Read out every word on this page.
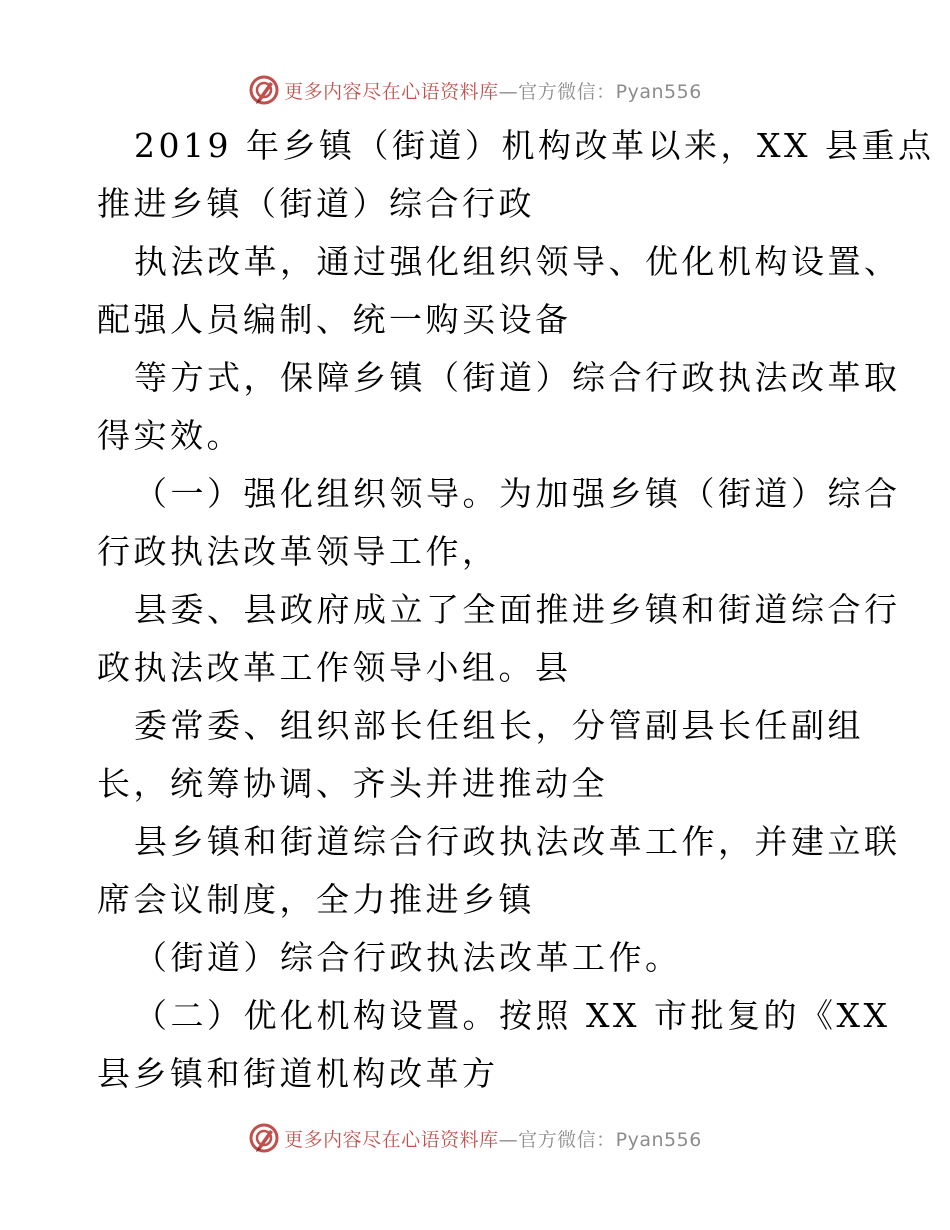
更多内容尽在心语资料库—官方微信：Pyan556
2019 年乡镇（街道）机构改革以来，XX 县重点
推进乡镇（街道）综合行政
执法改革，通过强化组织领导、优化机构设置、
配强人员编制、统一购买设备
等方式，保障乡镇（街道）综合行政执法改革取
得实效。
（一）强化组织领导。为加强乡镇（街道）综合
行政执法改革领导工作，
县委、县政府成立了全面推进乡镇和街道综合行
政执法改革工作领导小组。县
委常委、组织部长任组长，分管副县长任副组
长，统筹协调、齐头并进推动全
县乡镇和街道综合行政执法改革工作，并建立联
席会议制度，全力推进乡镇
（街道）综合行政执法改革工作。
（二）优化机构设置。按照 XX 市批复的《XX
县乡镇和街道机构改革方
更多内容尽在心语资料库—官方微信：Pyan556
